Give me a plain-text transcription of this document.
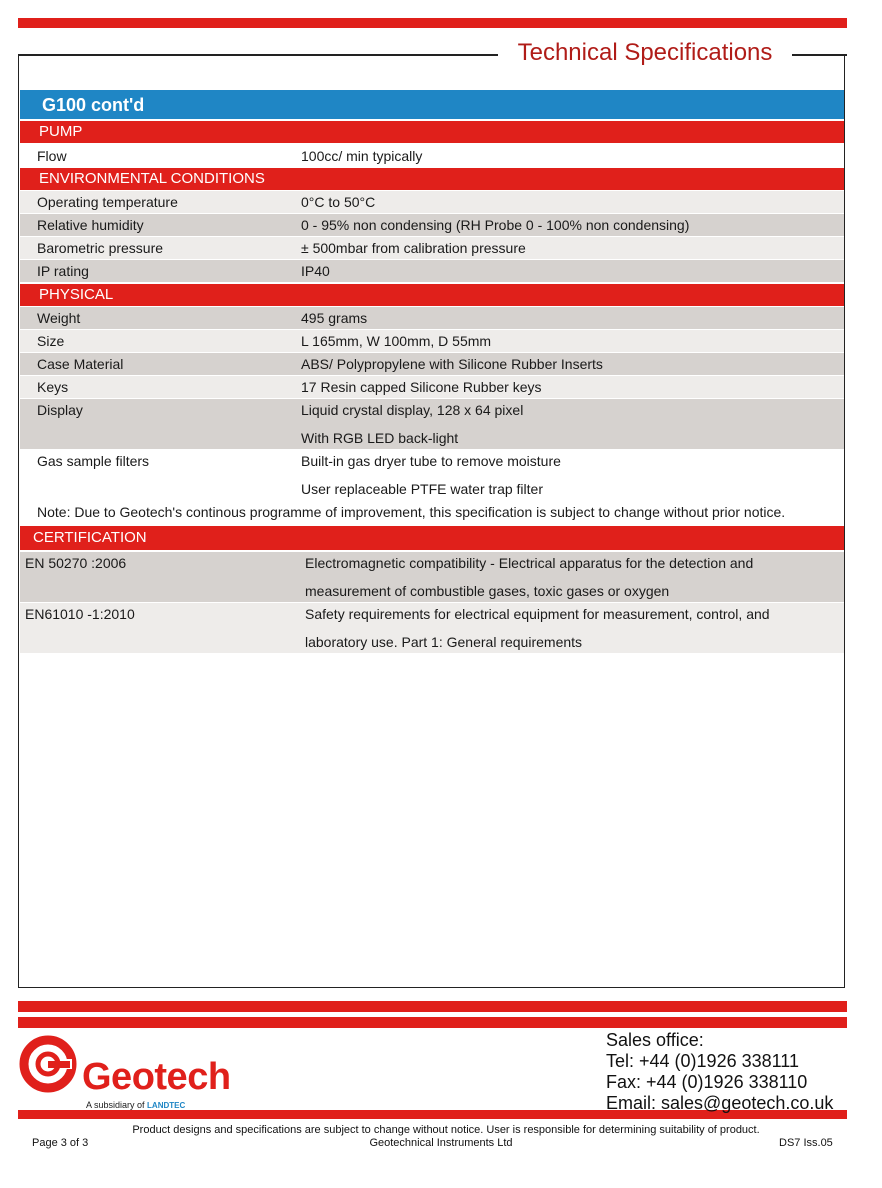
Technical Specifications
G100 cont'd
PUMP
Flow	100cc/ min typically
ENVIRONMENTAL CONDITIONS
Operating temperature	0°C to 50°C
Relative humidity	0 - 95% non condensing (RH Probe 0 - 100% non condensing)
Barometric pressure	± 500mbar from calibration pressure
IP rating	IP40
PHYSICAL
Weight	495 grams
Size	L 165mm, W 100mm, D 55mm
Case Material	ABS/ Polypropylene with Silicone Rubber Inserts
Keys	17 Resin capped Silicone Rubber keys
Display	Liquid crystal display, 128 x 64 pixel
With RGB LED back-light
Gas sample filters	Built-in gas dryer tube to remove moisture
User replaceable PTFE water trap filter
Note: Due to Geotech's continous programme of improvement, this specification is subject to change without prior notice.
CERTIFICATION
EN 50270 :2006	Electromagnetic compatibility - Electrical apparatus for the detection and
measurement of combustible gases, toxic gases or oxygen
EN61010 -1:2010	Safety requirements for electrical equipment for measurement, control, and
laboratory use. Part 1: General requirements
Geotech
A subsidiary of LANDTEC
Sales office:
Tel: +44 (0)1926 338111
Fax: +44 (0)1926 338110
Email: sales@geotech.co.uk
Product designs and specifications are subject to change without notice. User is responsible for determining suitability of product.
Geotechnical Instruments Ltd
Page 3 of 3	DS7 Iss.05
